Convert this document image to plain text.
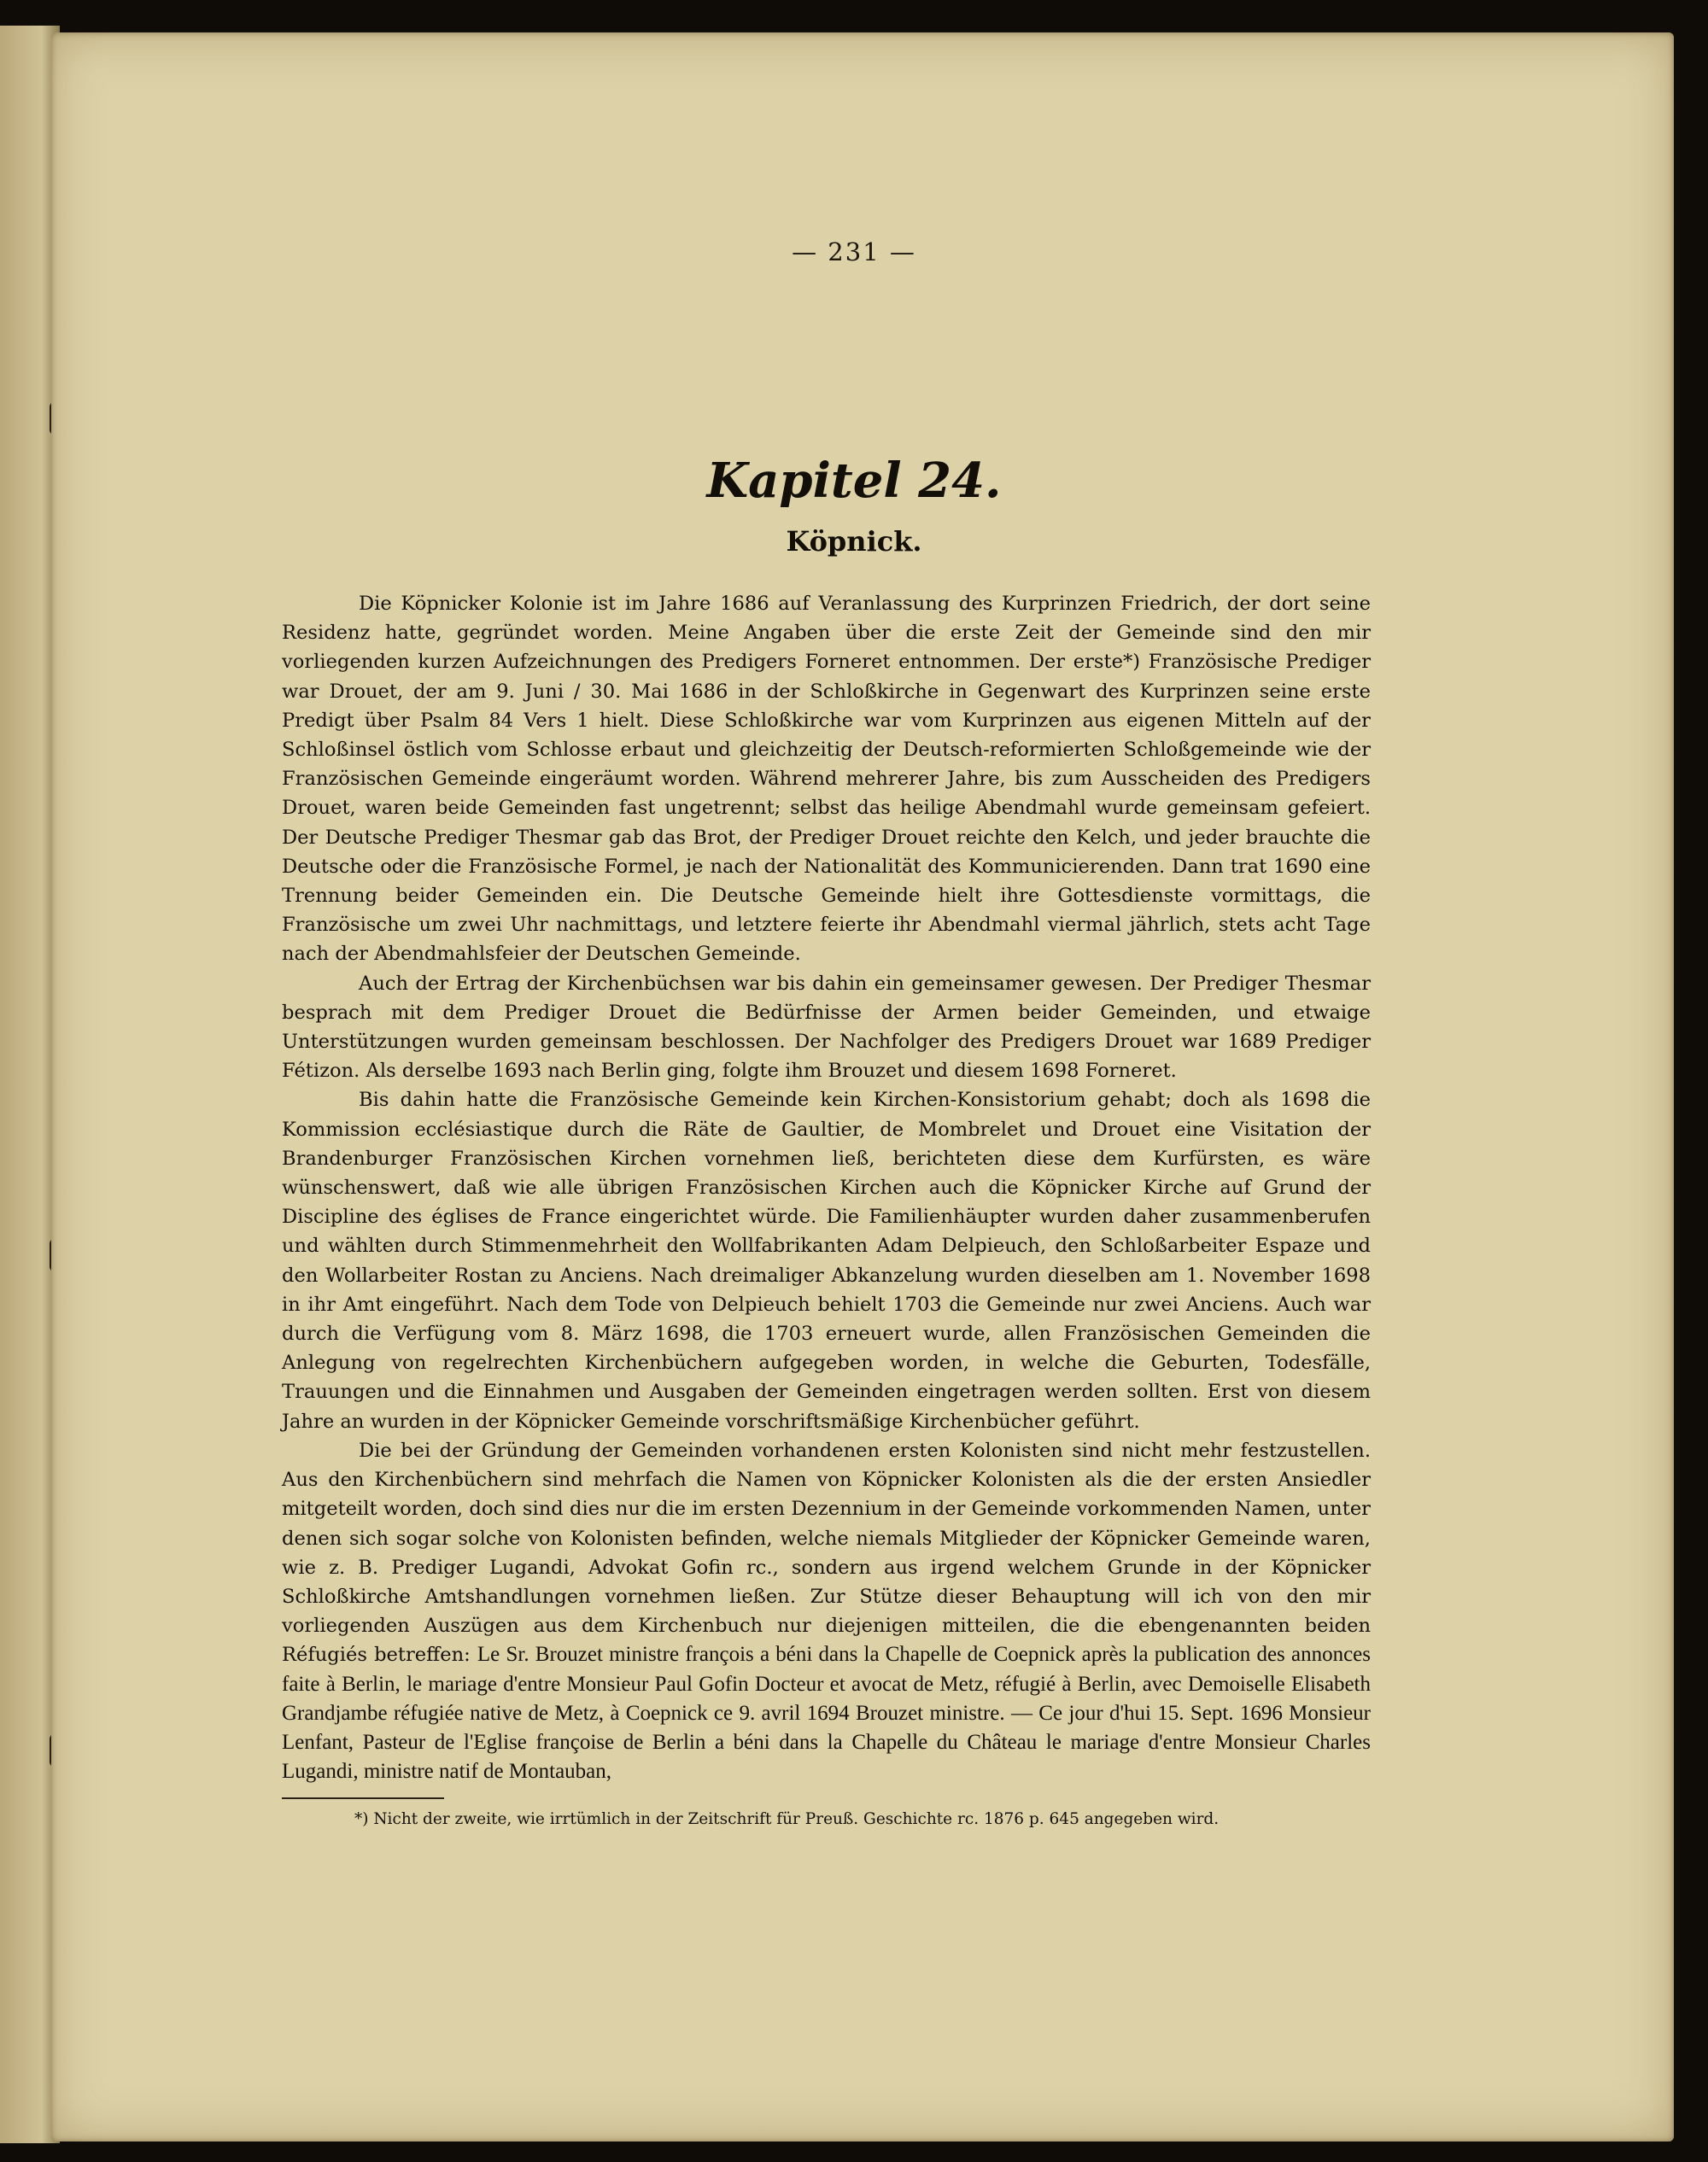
— 231 —
Kapitel 24.
Köpnick.

Die Köpnicker Kolonie ist im Jahre 1686 auf Veranlassung des Kurprinzen Friedrich, der dort seine Residenz hatte, gegründet worden. Meine Angaben über die erste Zeit der Gemeinde sind den mir vorliegenden kurzen Aufzeichnungen des Predigers Forneret entnommen. Der erste*) Französische Prediger war Drouet, der am 9. Juni / 30. Mai 1686 in der Schloßkirche in Gegenwart des Kurprinzen seine erste Predigt über Psalm 84 Vers 1 hielt. Diese Schloßkirche war vom Kurprinzen aus eigenen Mitteln auf der Schloßinsel östlich vom Schlosse erbaut und gleichzeitig der Deutsch-reformierten Schloßgemeinde wie der Französischen Gemeinde eingeräumt worden. Während mehrerer Jahre, bis zum Ausscheiden des Predigers Drouet, waren beide Gemeinden fast ungetrennt; selbst das heilige Abendmahl wurde gemeinsam gefeiert. Der Deutsche Prediger Thesmar gab das Brot, der Prediger Drouet reichte den Kelch, und jeder brauchte die Deutsche oder die Französische Formel, je nach der Nationalität des Kommunicierenden. Dann trat 1690 eine Trennung beider Gemeinden ein. Die Deutsche Gemeinde hielt ihre Gottesdienste vormittags, die Französische um zwei Uhr nachmittags, und letztere feierte ihr Abendmahl viermal jährlich, stets acht Tage nach der Abendmahlsfeier der Deutschen Gemeinde.

Auch der Ertrag der Kirchenbüchsen war bis dahin ein gemeinsamer gewesen. Der Prediger Thesmar besprach mit dem Prediger Drouet die Bedürfnisse der Armen beider Gemeinden, und etwaige Unterstützungen wurden gemeinsam beschlossen. Der Nachfolger des Predigers Drouet war 1689 Prediger Fétizon. Als derselbe 1693 nach Berlin ging, folgte ihm Brouzet und diesem 1698 Forneret.

Bis dahin hatte die Französische Gemeinde kein Kirchen-Konsistorium gehabt; doch als 1698 die Kommission ecclésiastique durch die Räte de Gaultier, de Mombrelet und Drouet eine Visitation der Brandenburger Französischen Kirchen vornehmen ließ, berichteten diese dem Kurfürsten, es wäre wünschenswert, daß wie alle übrigen Französischen Kirchen auch die Köpnicker Kirche auf Grund der Discipline des églises de France eingerichtet würde. Die Familienhäupter wurden daher zusammenberufen und wählten durch Stimmenmehrheit den Wollfabrikanten Adam Delpieuch, den Schloßarbeiter Espaze und den Wollarbeiter Rostan zu Anciens. Nach dreimaliger Abkanzelung wurden dieselben am 1. November 1698 in ihr Amt eingeführt. Nach dem Tode von Delpieuch behielt 1703 die Gemeinde nur zwei Anciens. Auch war durch die Verfügung vom 8. März 1698, die 1703 erneuert wurde, allen Französischen Gemeinden die Anlegung von regelrechten Kirchenbüchern aufgegeben worden, in welche die Geburten, Todesfälle, Trauungen und die Einnahmen und Ausgaben der Gemeinden eingetragen werden sollten. Erst von diesem Jahre an wurden in der Köpnicker Gemeinde vorschriftsmäßige Kirchenbücher geführt.

Die bei der Gründung der Gemeinden vorhandenen ersten Kolonisten sind nicht mehr festzustellen. Aus den Kirchenbüchern sind mehrfach die Namen von Köpnicker Kolonisten als die der ersten Ansiedler mitgeteilt worden, doch sind dies nur die im ersten Dezennium in der Gemeinde vorkommenden Namen, unter denen sich sogar solche von Kolonisten befinden, welche niemals Mitglieder der Köpnicker Gemeinde waren, wie z. B. Prediger Lugandi, Advokat Gofin rc., sondern aus irgend welchem Grunde in der Köpnicker Schloßkirche Amtshandlungen vornehmen ließen. Zur Stütze dieser Behauptung will ich von den mir vorliegenden Auszügen aus dem Kirchenbuch nur diejenigen mitteilen, die die ebengenannten beiden Réfugiés betreffen: Le Sr. Brouzet ministre françois a béni dans la Chapelle de Coepnick après la publication des annonces faite à Berlin, le mariage d'entre Monsieur Paul Gofin Docteur et avocat de Metz, réfugié à Berlin, avec Demoiselle Elisabeth Grandjambe réfugiée native de Metz, à Coepnick ce 9. avril 1694 Brouzet ministre. — Ce jour d'hui 15. Sept. 1696 Monsieur Lenfant, Pasteur de l'Eglise françoise de Berlin a béni dans la Chapelle du Château le mariage d'entre Monsieur Charles Lugandi, ministre natif de Montauban,

*) Nicht der zweite, wie irrtümlich in der Zeitschrift für Preuß. Geschichte rc. 1876 p. 645 angegeben wird.
